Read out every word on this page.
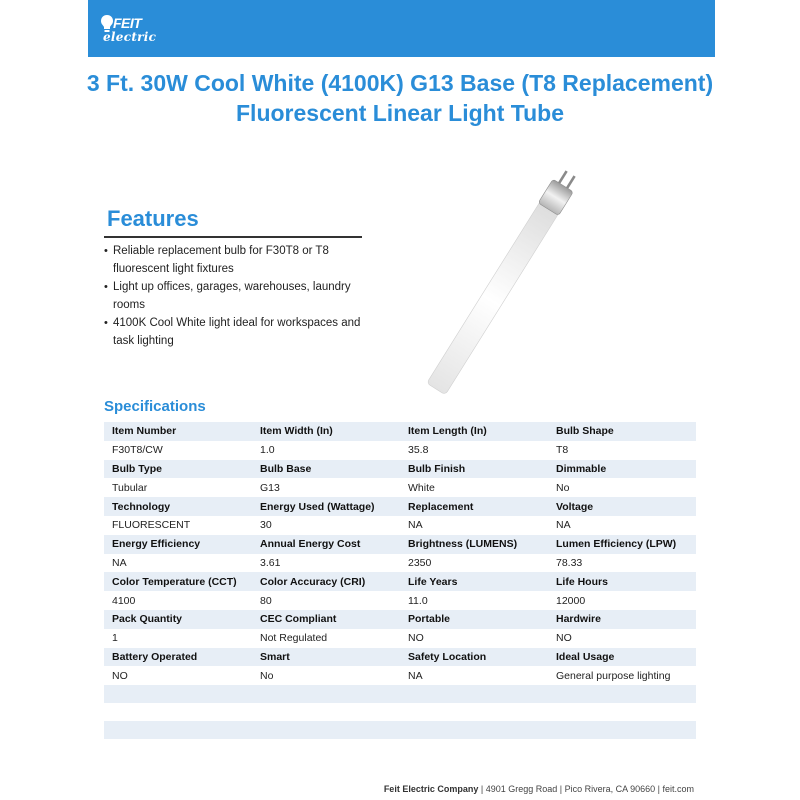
FEIT
electric
3 Ft. 30W Cool White (4100K) G13 Base (T8 Replacement)
Fluorescent Linear Light Tube
Features
• Reliable replacement bulb for F30T8 or T8 fluorescent light fixtures
• Light up offices, garages, warehouses, laundry rooms
• 4100K Cool White light ideal for workspaces and task lighting
Specifications
Item Number	Item Width (In)	Item Length (In)	Bulb Shape
F30T8/CW	1.0	35.8	T8
Bulb Type	Bulb Base	Bulb Finish	Dimmable
Tubular	G13	White	No
Technology	Energy Used (Wattage)	Replacement	Voltage
FLUORESCENT	30	NA	NA
Energy Efficiency	Annual Energy Cost	Brightness (LUMENS)	Lumen Efficiency (LPW)
NA	3.61	2350	78.33
Color Temperature (CCT)	Color Accuracy (CRI)	Life Years	Life Hours
4100	80	11.0	12000
Pack Quantity	CEC Compliant	Portable	Hardwire
1	Not Regulated	NO	NO
Battery Operated	Smart	Safety Location	Ideal Usage
NO	No	NA	General purpose lighting
Feit Electric Company | 4901 Gregg Road | Pico Rivera, CA 90660 | feit.com
